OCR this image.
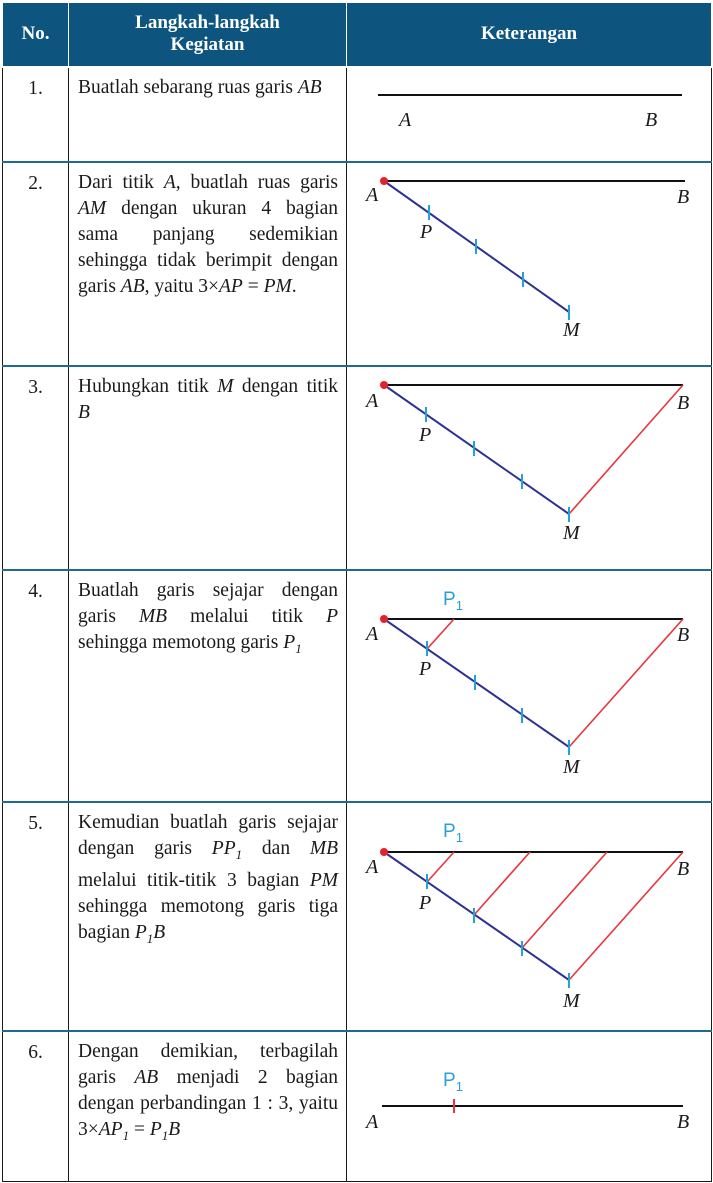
No.	Langkah-langkah Kegiatan	Keterangan
1.	Buatlah sebarang ruas garis AB	A B

2.	Dari titik A, buatlah ruas garis AM dengan ukuran 4 bagian sama panjang sedemikian sehingga tidak berimpit dengan garis AB, yaitu 3×AP = PM.	A B
P
M

3.	Hubungkan titik M dengan titik B	A B
P
M

4.	Buatlah garis sejajar dengan garis MB melalui titik P sehingga memotong garis $P_1$	A B
P
M
$P_1$

5.	Kemudian buatlah garis sejajar dengan garis $PP_1$ dan MB melalui titik-titik 3 bagian PM sehingga memotong garis tiga bagian $P_1B$	A B
P
M
$P_1$

6.	Dengan demikian, terbagilah garis AB menjadi 2 bagian dengan perbandingan 1 : 3, yaitu $3\times AP_1 = P_1B$	A B
$P_1$
